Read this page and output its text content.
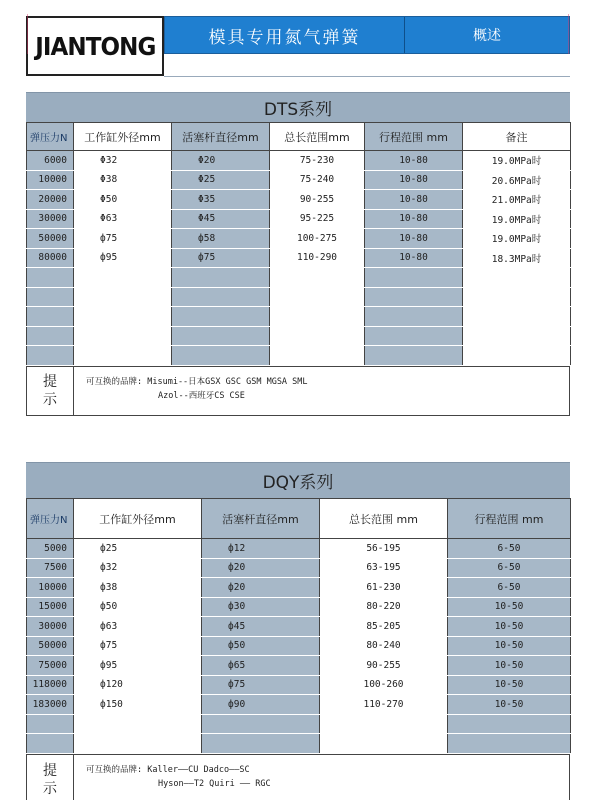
JIANTONG	模具专用氮气弹簧	概述
DTS系列
弹压力N	工作缸外径mm	活塞杆直径mm	总长范围mm	行程范围 mm	备注
6000	Φ32	Φ20	75-230	10-80	19.0MPa时
10000	Φ38	Φ25	75-240	10-80	20.6MPa时
20000	Φ50	Φ35	90-255	10-80	21.0MPa时
30000	Φ63	Φ45	95-225	10-80	19.0MPa时
50000	ф75	ф58	100-275	10-80	19.0MPa时
80000	ф95	ф75	110-290	10-80	18.3MPa时

提
示
可互换的品牌: Misumi--日本GSX GSC GSM MGSA SML
Azol--西班牙CS CSE
DQY系列
弹压力N	工作缸外径mm	活塞杆直径mm	总长范围 mm	行程范围 mm
5000	ф25	ф12	56-195	6-50
7500	ф32	ф20	63-195	6-50
10000	ф38	ф20	61-230	6-50
15000	ф50	ф30	80-220	10-50
30000	ф63	ф45	85-205	10-50
50000	ф75	ф50	80-240	10-50
75000	ф95	ф65	90-255	10-50
118000	ф120	ф75	100-260	10-50
183000	ф150	ф90	110-270	10-50

提
示
可互换的品牌: Kaller——CU Dadco——SC
Hyson——T2 Quiri —— RGC
